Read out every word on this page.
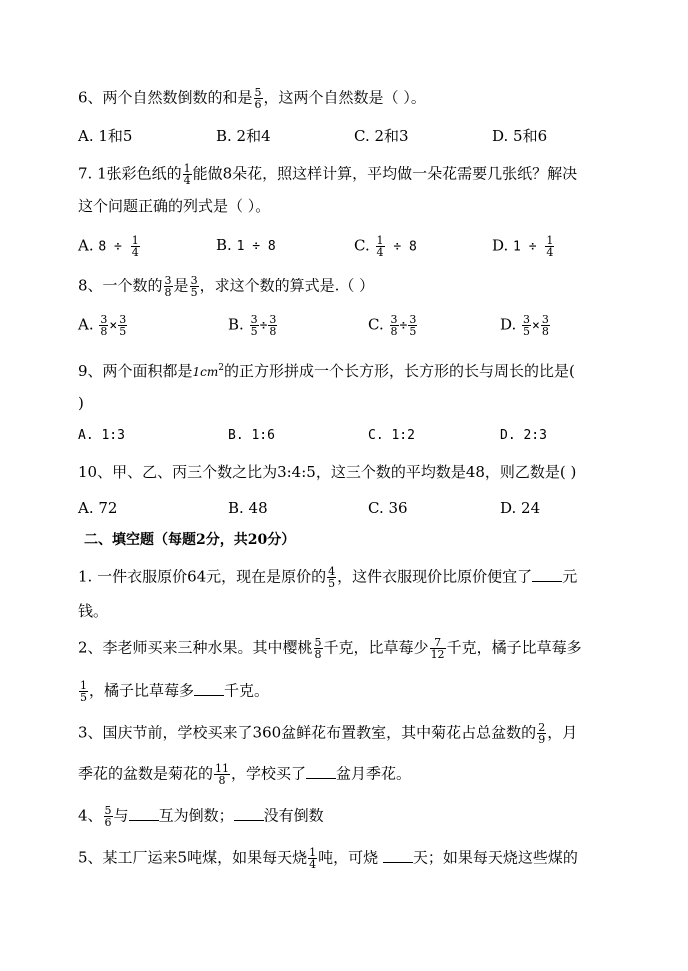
6、两个自然数倒数的和是 $\frac{5}{6}$ ，这两个自然数是（ ）。
A. 1和5	B. 2和4	C. 2和3	D. 5和6
7. 1张彩色纸的 $\frac{1}{4}$ 能做8朵花，照这样计算，平均做一朵花需要几张纸？解决
这个问题正确的列式是（ ）。
A. $8 \div \frac{1}{4}$	B. 1 ÷ 8	C. $\frac{1}{4} \div 8$	D. $1 \div \frac{1}{4}$
8、一个数的 $\frac{3}{8}$ 是 $\frac{3}{5}$ ，求这个数的算式是.（ ）
A. $\frac{3}{8} \times \frac{3}{5}$	B. $\frac{3}{5} \div \frac{3}{8}$	C. $\frac{3}{8} \div \frac{3}{5}$	D. $\frac{3}{5} \times \frac{3}{8}$
9、两个面积都是$1cm^2$的正方形拼成一个长方形，长方形的长与周长的比是(
)
A. 1:3	B. 1:6	C. 1:2	D. 2:3
10、甲、乙、丙三个数之比为3:4:5，这三个数的平均数是48，则乙数是( )
A. 72	B. 48	C. 36	D. 24
二、填空题（每题2分，共20分）
1. 一件衣服原价64元，现在是原价的 $\frac{4}{5}$ ，这件衣服现价比原价便宜了 元
钱。
2、李老师买来三种水果。其中樱桃 $\frac{5}{8}$ 千克，比草莓少 $\frac{7}{12}$ 千克，橘子比草莓多
$\frac{1}{5}$ ，橘子比草莓多 千克。
3、国庆节前，学校买来了360盆鲜花布置教室，其中菊花占总盆数的 $\frac{2}{9}$ ，月
季花的盆数是菊花的 $\frac{11}{8}$ ，学校买了 盆月季花。
4、 $\frac{5}{6}$ 与 互为倒数； 没有倒数
5、某工厂运来5吨煤，如果每天烧 $\frac{1}{4}$ 吨，可烧 天；如果每天烧这些煤的
